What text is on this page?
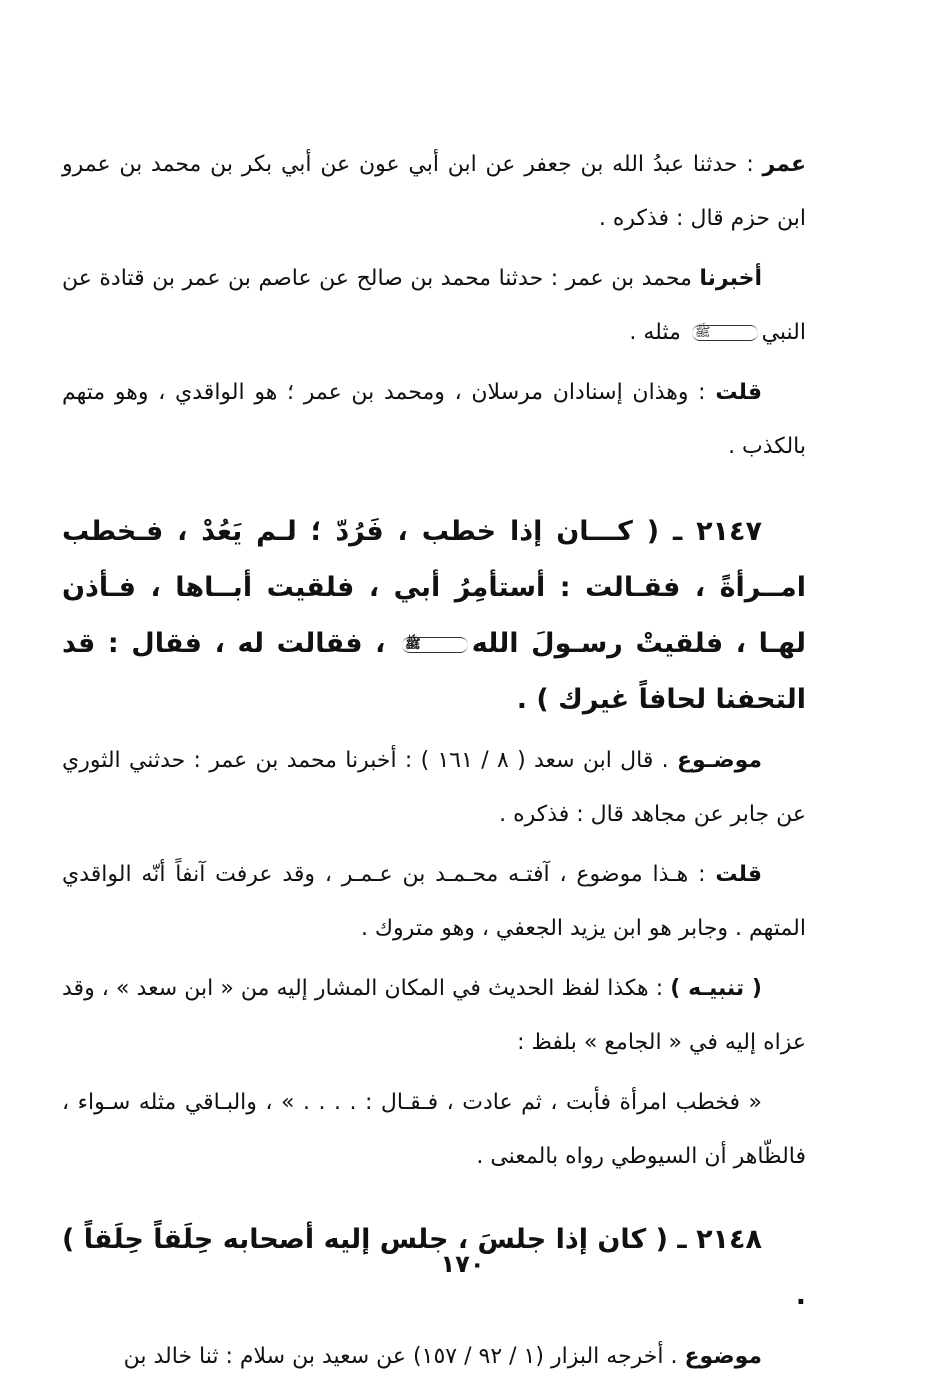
عمر : حدثنا عبدُ الله بن جعفر عن ابن أبي عون عن أبي بكر بن محمد بن عمرو ابن حزم قال : فذكره .

أخبرنا محمد بن عمر : حدثنا محمد بن صالح عن عاصم بن عمر بن قتادة عن النبيﷺ مثله .

قلت : وهذان إسنادان مرسلان ، ومحمد بن عمر ؛ هو الواقدي ، وهو متهم بالكذب .

٢١٤٧ ـ ( كـــان إذا خطب ، فَرُدّ ؛ لـم يَعُدْ ، فـخطب امــرأةً ، فقـالت : أستأمِرُ أبي ، فلقيت أبــاها ، فـأذن لهـا ، فلقيتْ رسـولَ اللهﷺ ، فقالت له ، فقال : قد التحفنا لحافاً غيرك ) .

موضـوع . قال ابن سعد ( ٨ / ١٦١ ) : أخبرنا محمد بن عمر : حدثني الثوري عن جابر عن مجاهد قال : فذكره .

قلت : هـذا موضوع ، آفتـه محـمـد بن عـمـر ، وقد عرفت آنفاً أنّه الواقدي المتهم . وجابر هو ابن يزيد الجعفي ، وهو متروك .

( تنبيـه ) : هكذا لفظ الحديث في المكان المشار إليه من « ابن سعد » ، وقد عزاه إليه في « الجامع » بلفظ :

« فخطب امرأة فأبت ، ثم عادت ، فـقـال : . . . . » ، والبـاقي مثله سـواء ، فالظّاهر أن السيوطي رواه بالمعنى .

٢١٤٨ ـ ( كان إذا جلسَ ، جلس إليه أصحابه حِلَقاً حِلَقاً ) .

موضوع . أخرجه البزار (١ / ٩٢ / ١٥٧) عن سعيد بن سلام : ثنا خالد بن

١٧٠
